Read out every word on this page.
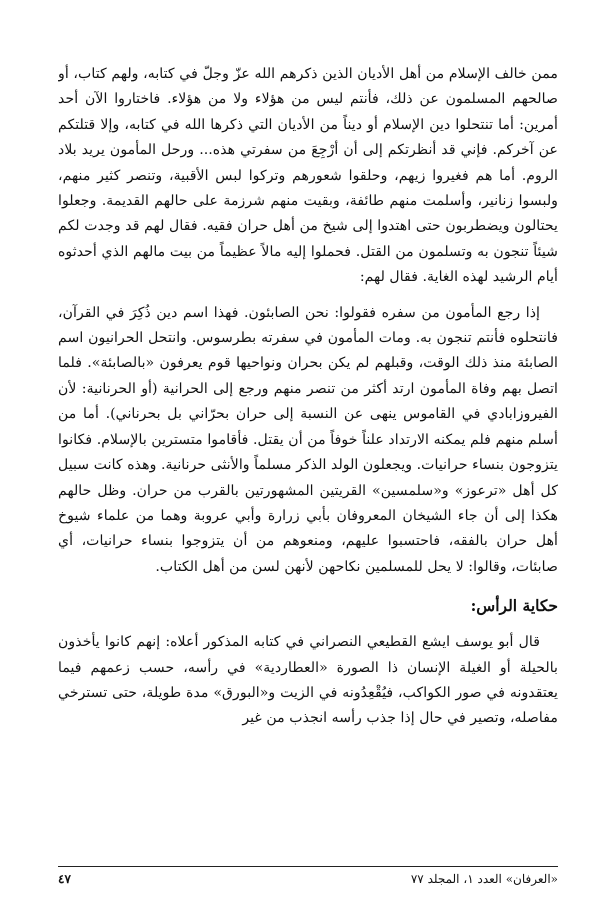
ممن خالف الإسلام من أهل الأديان الذين ذكرهم الله عزّ وجلّ في كتابه، ولهم كتاب، أو صالحهم المسلمون عن ذلك، فأنتم ليس من هؤلاء ولا من هؤلاء. فاختاروا الآن أحد أمرين: أما تنتحلوا دين الإسلام أو ديناً من الأديان التي ذكرها الله في كتابه، وإلا قتلتكم عن آخركم. فإني قد أنظرتكم إلى أن أرْجِعَ من سفرتي هذه... ورحل المأمون يريد بلاد الروم. أما هم فغيروا زيهم، وحلقوا شعورهم وتركوا لبس الأقبية، وتنصر كثير منهم، ولبسوا زنانير، وأسلمت منهم طائفة، وبقيت منهم شرزمة على حالهم القديمة. وجعلوا يحتالون ويضطربون حتى اهتدوا إلى شيخ من أهل حران فقيه. فقال لهم قد وجدت لكم شيئاً تنجون به وتسلمون من القتل. فحملوا إليه مالاً عظيماً من بيت مالهم الذي أحدثوه أيام الرشيد لهذه الغاية. فقال لهم:

إذا رجع المأمون من سفره فقولوا: نحن الصابئون. فهذا اسم دين ذُكِرَ في القرآن، فانتحلوه فأنتم تنجون به. ومات المأمون في سفرته بطرسوس. وانتحل الحرانيون اسم الصابئة منذ ذلك الوقت، وقبلهم لم يكن بحران ونواحيها قوم يعرفون «بالصابئة». فلما اتصل بهم وفاة المأمون ارتد أكثر من تنصر منهم ورجع إلى الحرانية (أو الحرنانية: لأن الفيروزابادي في القاموس ينهى عن النسبة إلى حران بحرّاني بل بحرناني). أما من أسلم منهم فلم يمكنه الارتداد علناً خوفاً من أن يقتل. فأقاموا متسترين بالإسلام. فكانوا يتزوجون بنساء حرانيات. ويجعلون الولد الذكر مسلماً والأنثى حرنانية. وهذه كانت سبيل كل أهل «ترعوز» و«سلمسين» القريتين المشهورتين بالقرب من حران. وظل حالهم هكذا إلى أن جاء الشيخان المعروفان بأبي زرارة وأبي عروبة وهما من علماء شيوخ أهل حران بالفقه، فاحتسبوا عليهم، ومنعوهم من أن يتزوجوا بنساء حرانيات، أي صابئات، وقالوا: لا يحل للمسلمين نكاحهن لأنهن لسن من أهل الكتاب.

حكاية الرأس:

قال أبو يوسف ايشع القطيعي النصراني في كتابه المذكور أعلاه: إنهم كانوا يأخذون بالحيلة أو الغيلة الإنسان ذا الصورة «العطاردية» في رأسه، حسب زعمهم فيما يعتقدونه في صور الكواكب، فيُقْعِدُونه في الزيت و«البورق» مدة طويلة، حتى تسترخي مفاصله، وتصير في حال إذا جذب رأسه انجذب من غير

«العرفان» العدد ١، المجلد ٧٧
٤٧
